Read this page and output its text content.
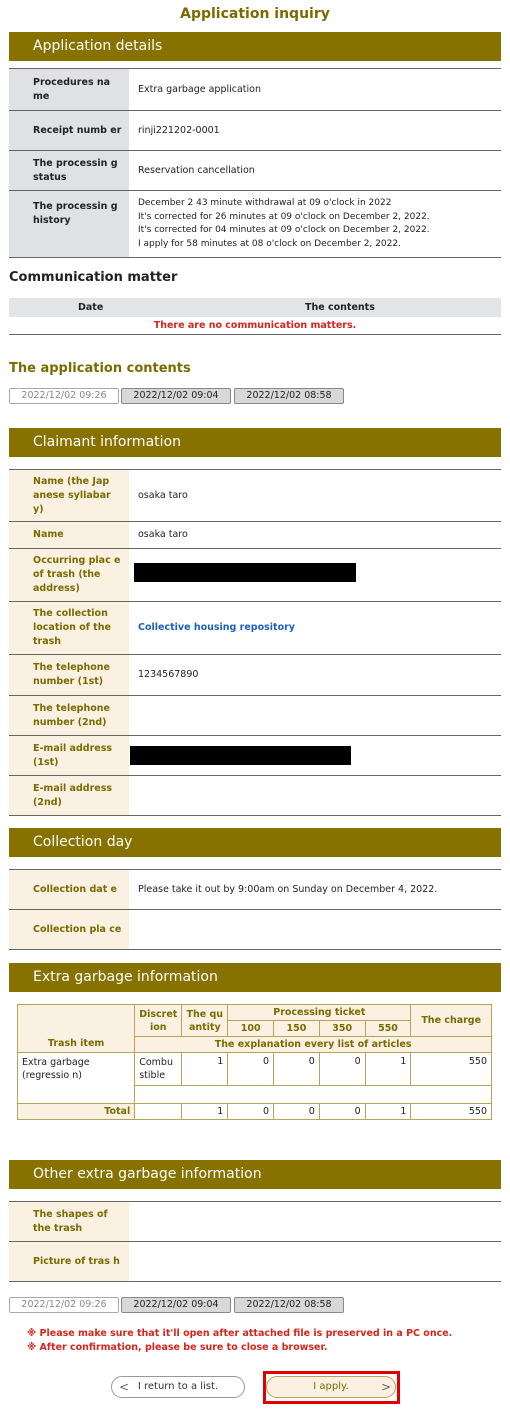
Application inquiry
Application details
Procedures na me	Extra garbage application
Receipt numb er	rinji221202-0001
The processin g status	Reservation cancellation
The processin g history	December 2 43 minute withdrawal at 09 o'clock in 2022
It's corrected for 26 minutes at 09 o'clock on December 2, 2022.
It's corrected for 04 minutes at 09 o'clock on December 2, 2022.
I apply for 58 minutes at 08 o'clock on December 2, 2022.
Communication matter
Date	The contents
There are no communication matters.
The application contents
2022/12/02 09:26	2022/12/02 09:04	2022/12/02 08:58
Claimant information
Name (the Jap anese syllabar y)	osaka taro
Name	osaka taro
Occurring plac e of trash (the address)	
The collection location of the trash	Collective housing repository
The telephone number (1st)	1234567890
The telephone number (2nd)	
E-mail address (1st)	
E-mail address (2nd)	
Collection day
Collection dat e	Please take it out by 9:00am on Sunday on December 4, 2022.
Collection pla ce	
Extra garbage information
Trash item	Discret ion	The qu antity	Processing ticket				The charge
			100	150	350	550	
	The explanation every list of articles						
Extra garbage (regressio n)	Combu stible	1	0	0	0	1	550

Total		1	0	0	0	1	550
Other extra garbage information
The shapes of the trash	
Picture of tras h	
2022/12/02 09:26	2022/12/02 09:04	2022/12/02 08:58
※ Please make sure that it'll open after attached file is preserved in a PC once.
※ After confirmation, please be sure to close a browser.
< I return to a list.	I apply.	>
